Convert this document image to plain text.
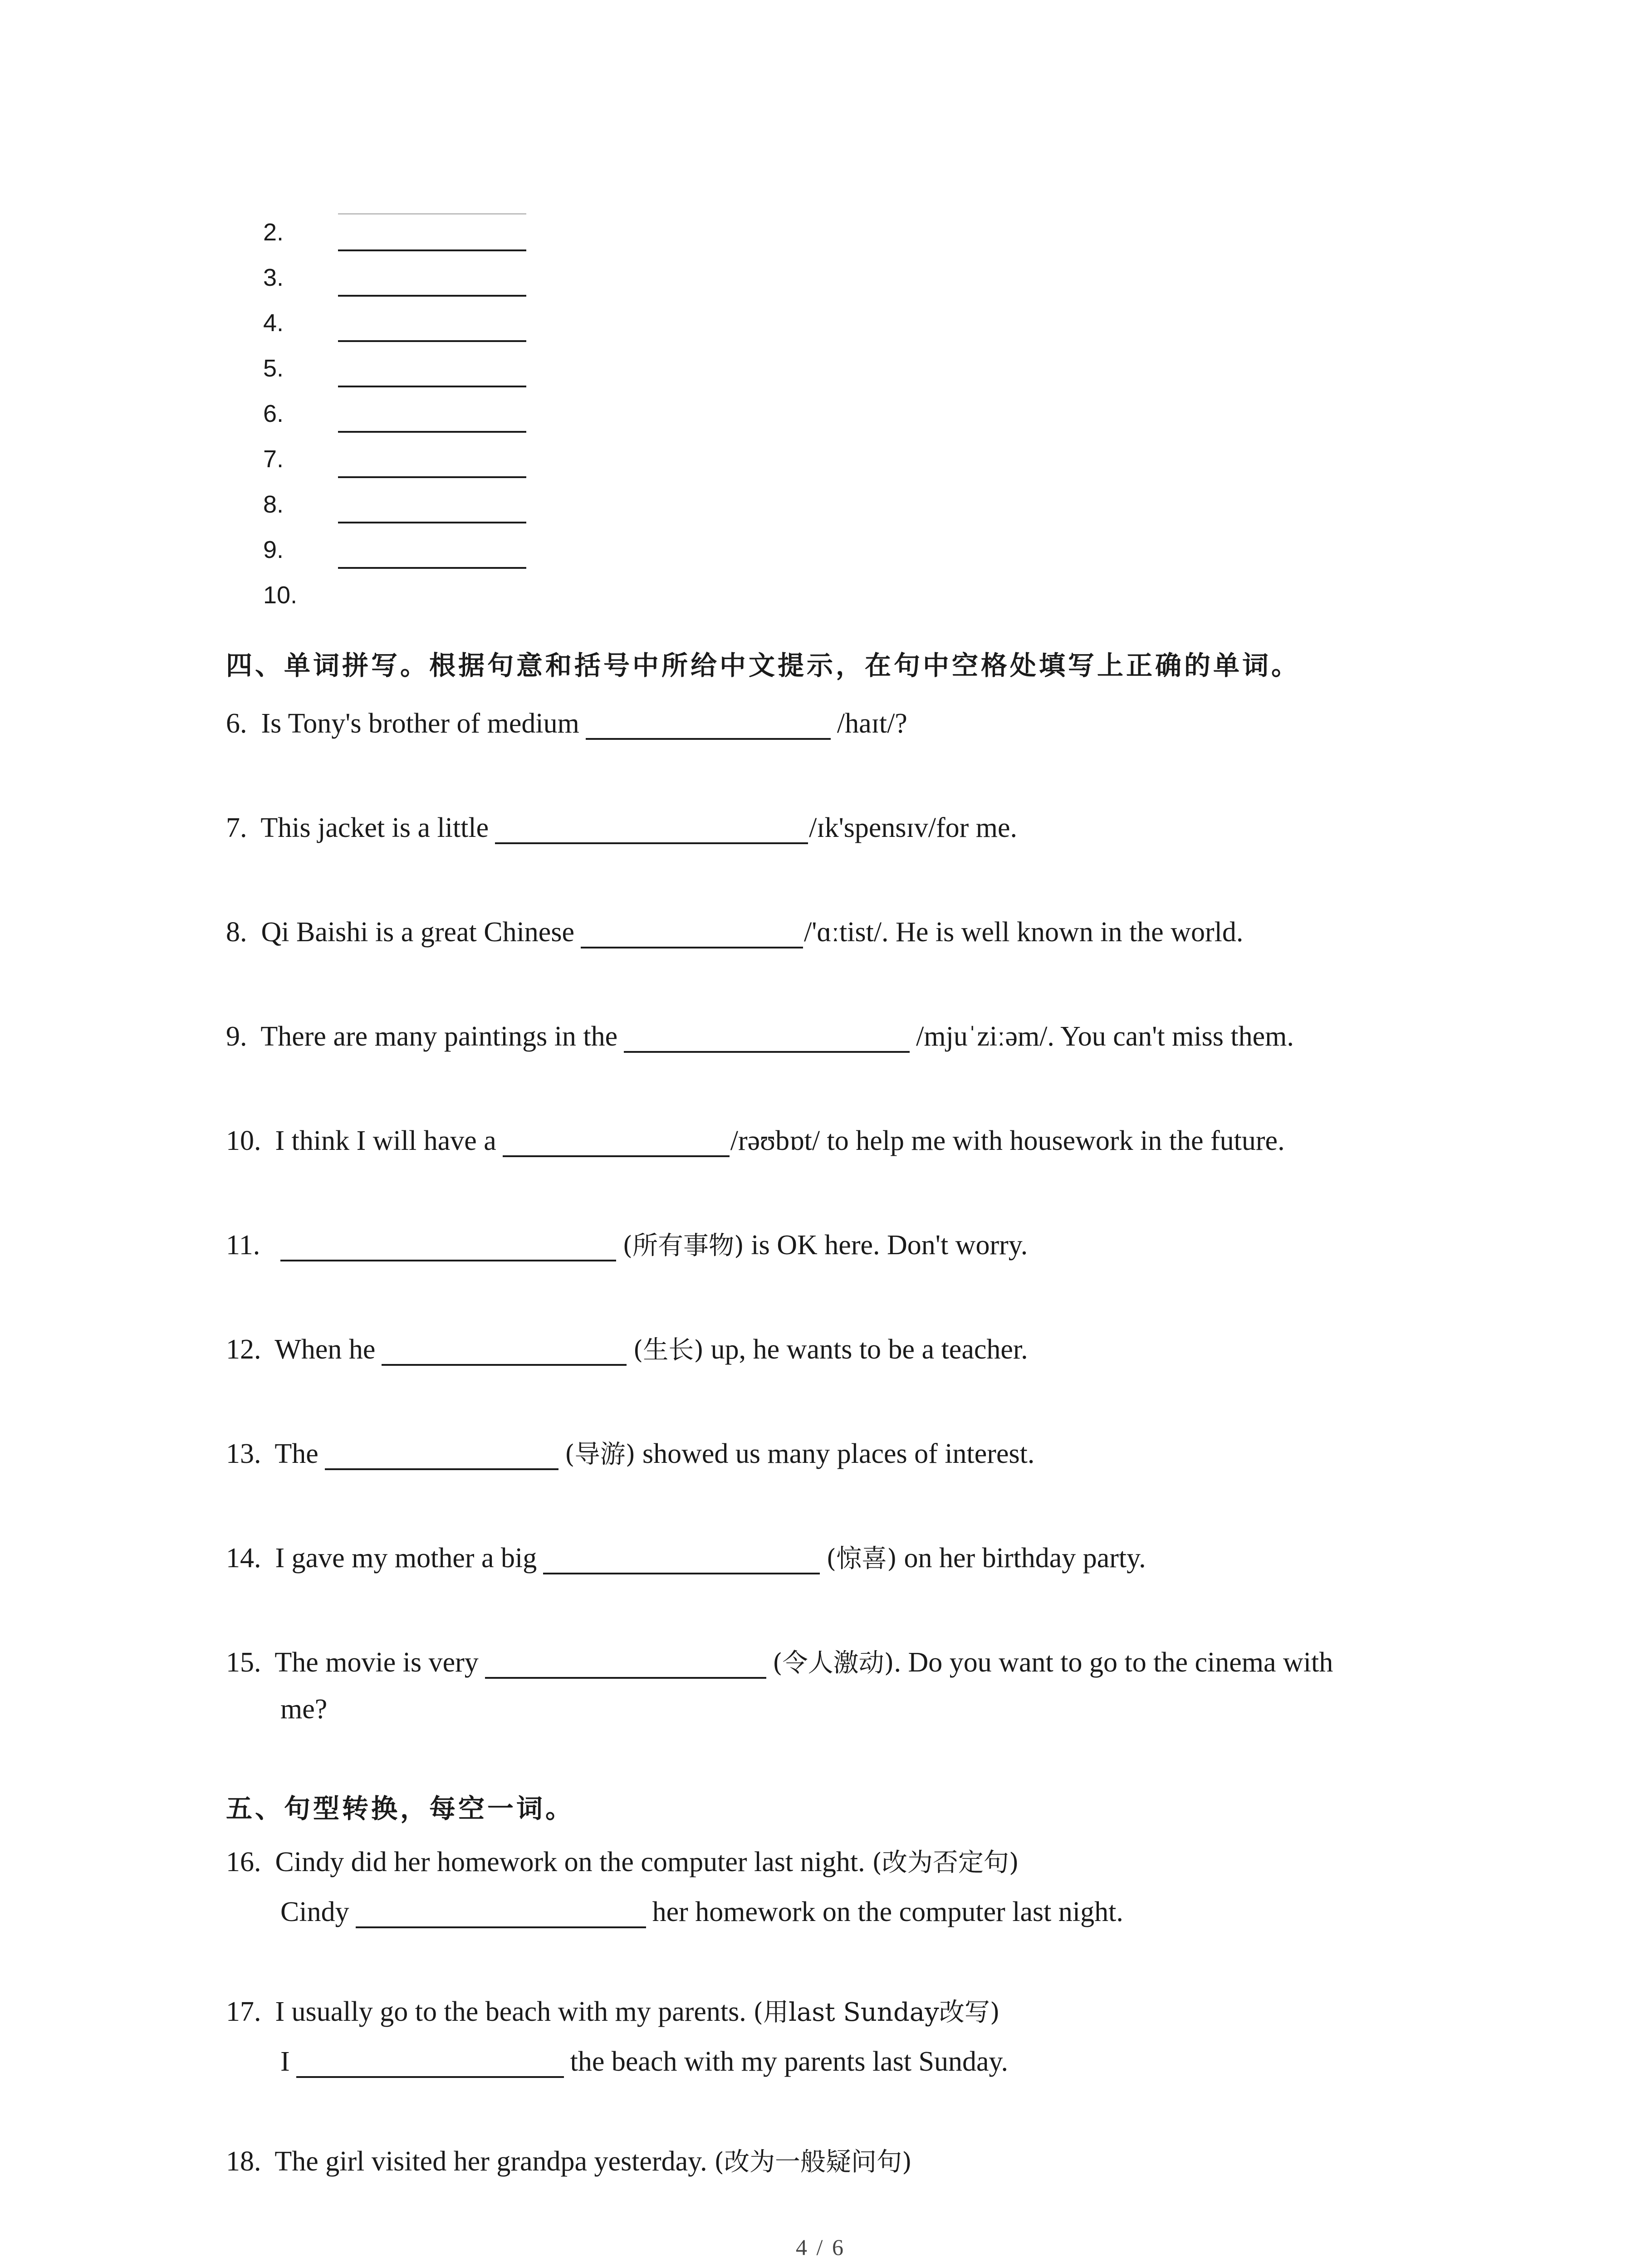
2.
3.
4.
5.
6.
7.
8.
9.
10.
四、单词拼写。根据句意和括号中所给中文提示，在句中空格处填写上正确的单词。
6. Is Tony's brother of medium	/haɪt/?
7. This jacket is a little	/ɪk'spensɪv/for me.
8. Qi Baishi is a great Chinese	/'ɑːtist/. He is well known in the world.
9. There are many paintings in the	/mjuˈziːəm/. You can't miss them.
10. I think I will have a	/rəʊbɒt/ to help me with housework in the future.
11.	(所有事物) is OK here. Don't worry.
12. When he	(生长) up, he wants to be a teacher.
13. The	(导游) showed us many places of interest.
14. I gave my mother a big	(惊喜) on her birthday party.
15. The movie is very	(令人激动). Do you want to go to the cinema with
me?
五、句型转换，每空一词。
16. Cindy did her homework on the computer last night. (改为否定句)
Cindy	her homework on the computer last night.
17. I usually go to the beach with my parents. (用last Sunday改写)
I	the beach with my parents last Sunday.
18. The girl visited her grandpa yesterday. (改为一般疑问句)
4 / 6
